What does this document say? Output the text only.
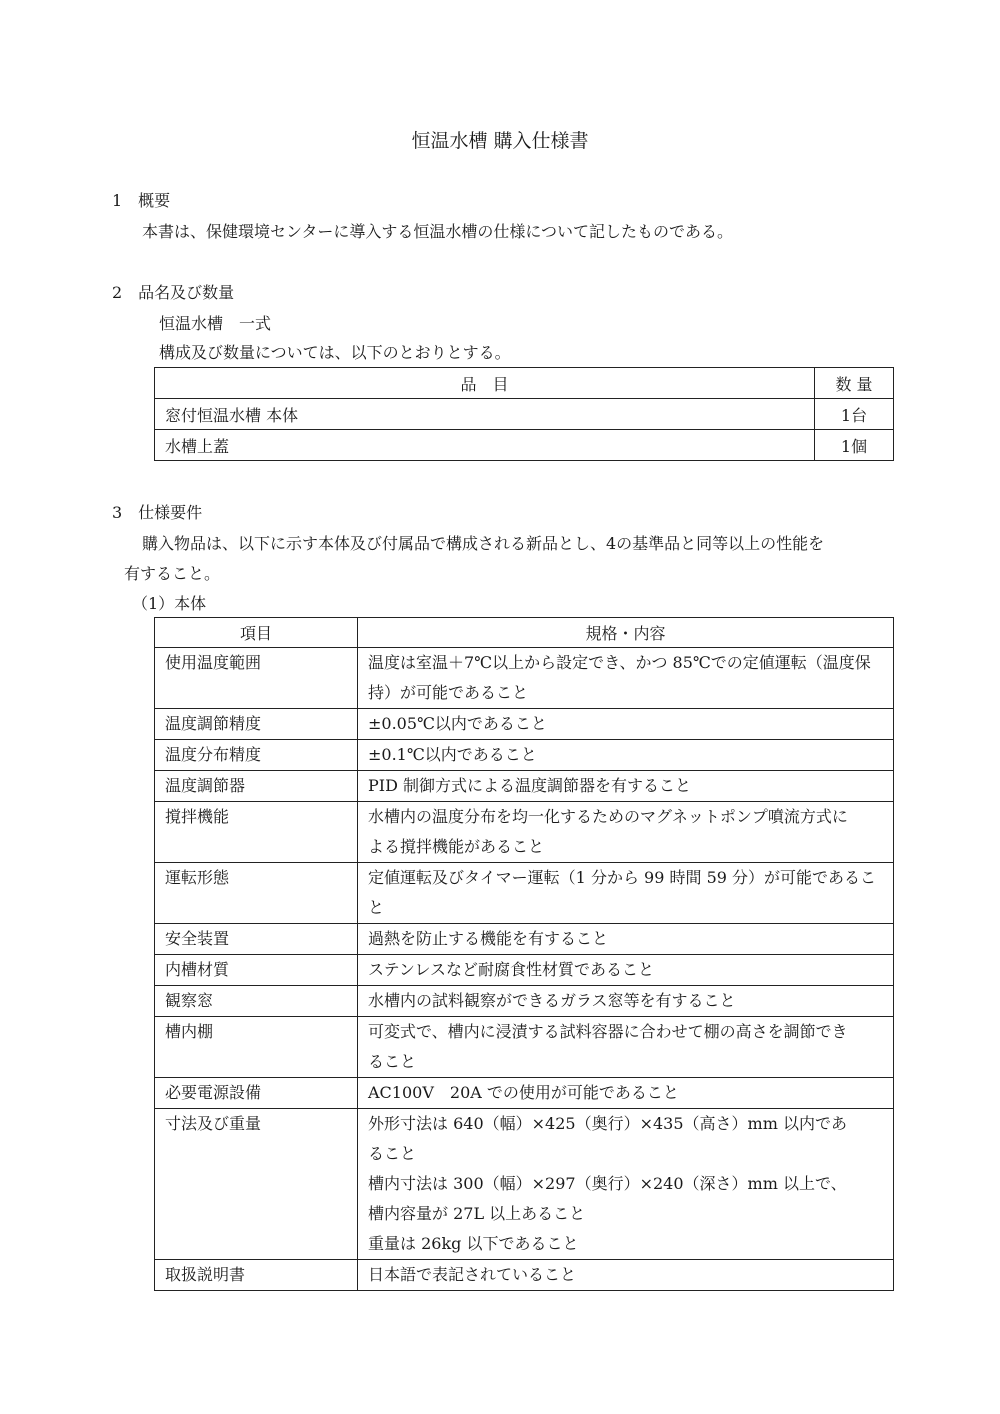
恒温水槽 購入仕様書
1　概要
本書は、保健環境センターに導入する恒温水槽の仕様について記したものである。
2　品名及び数量
恒温水槽　一式
構成及び数量については、以下のとおりとする。
品　目	数 量
窓付恒温水槽 本体	1台
水槽上蓋	1個
3　仕様要件
購入物品は、以下に示す本体及び付属品で構成される新品とし、4の基準品と同等以上の性能を
有すること。
（1）本体
項目	規格・内容
使用温度範囲	温度は室温＋7℃以上から設定でき、かつ 85℃での定値運転（温度保
持）が可能であること

温度調節精度	±0.05℃以内であること

温度分布精度	±0.1℃以内であること

温度調節器	PID 制御方式による温度調節器を有すること

撹拌機能	水槽内の温度分布を均一化するためのマグネットポンプ噴流方式に
よる撹拌機能があること

運転形態	定値運転及びタイマー運転（1 分から 99 時間 59 分）が可能であるこ
と

安全装置	過熱を防止する機能を有すること

内槽材質	ステンレスなど耐腐食性材質であること

観察窓	水槽内の試料観察ができるガラス窓等を有すること

槽内棚	可変式で、槽内に浸漬する試料容器に合わせて棚の高さを調節でき
ること

必要電源設備	AC100V　20A での使用が可能であること

寸法及び重量	外形寸法は 640（幅）×425（奥行）×435（高さ）mm 以内であ
ること
槽内寸法は 300（幅）×297（奥行）×240（深さ）mm 以上で、
槽内容量が 27L 以上あること
重量は 26kg 以下であること

取扱説明書	日本語で表記されていること
